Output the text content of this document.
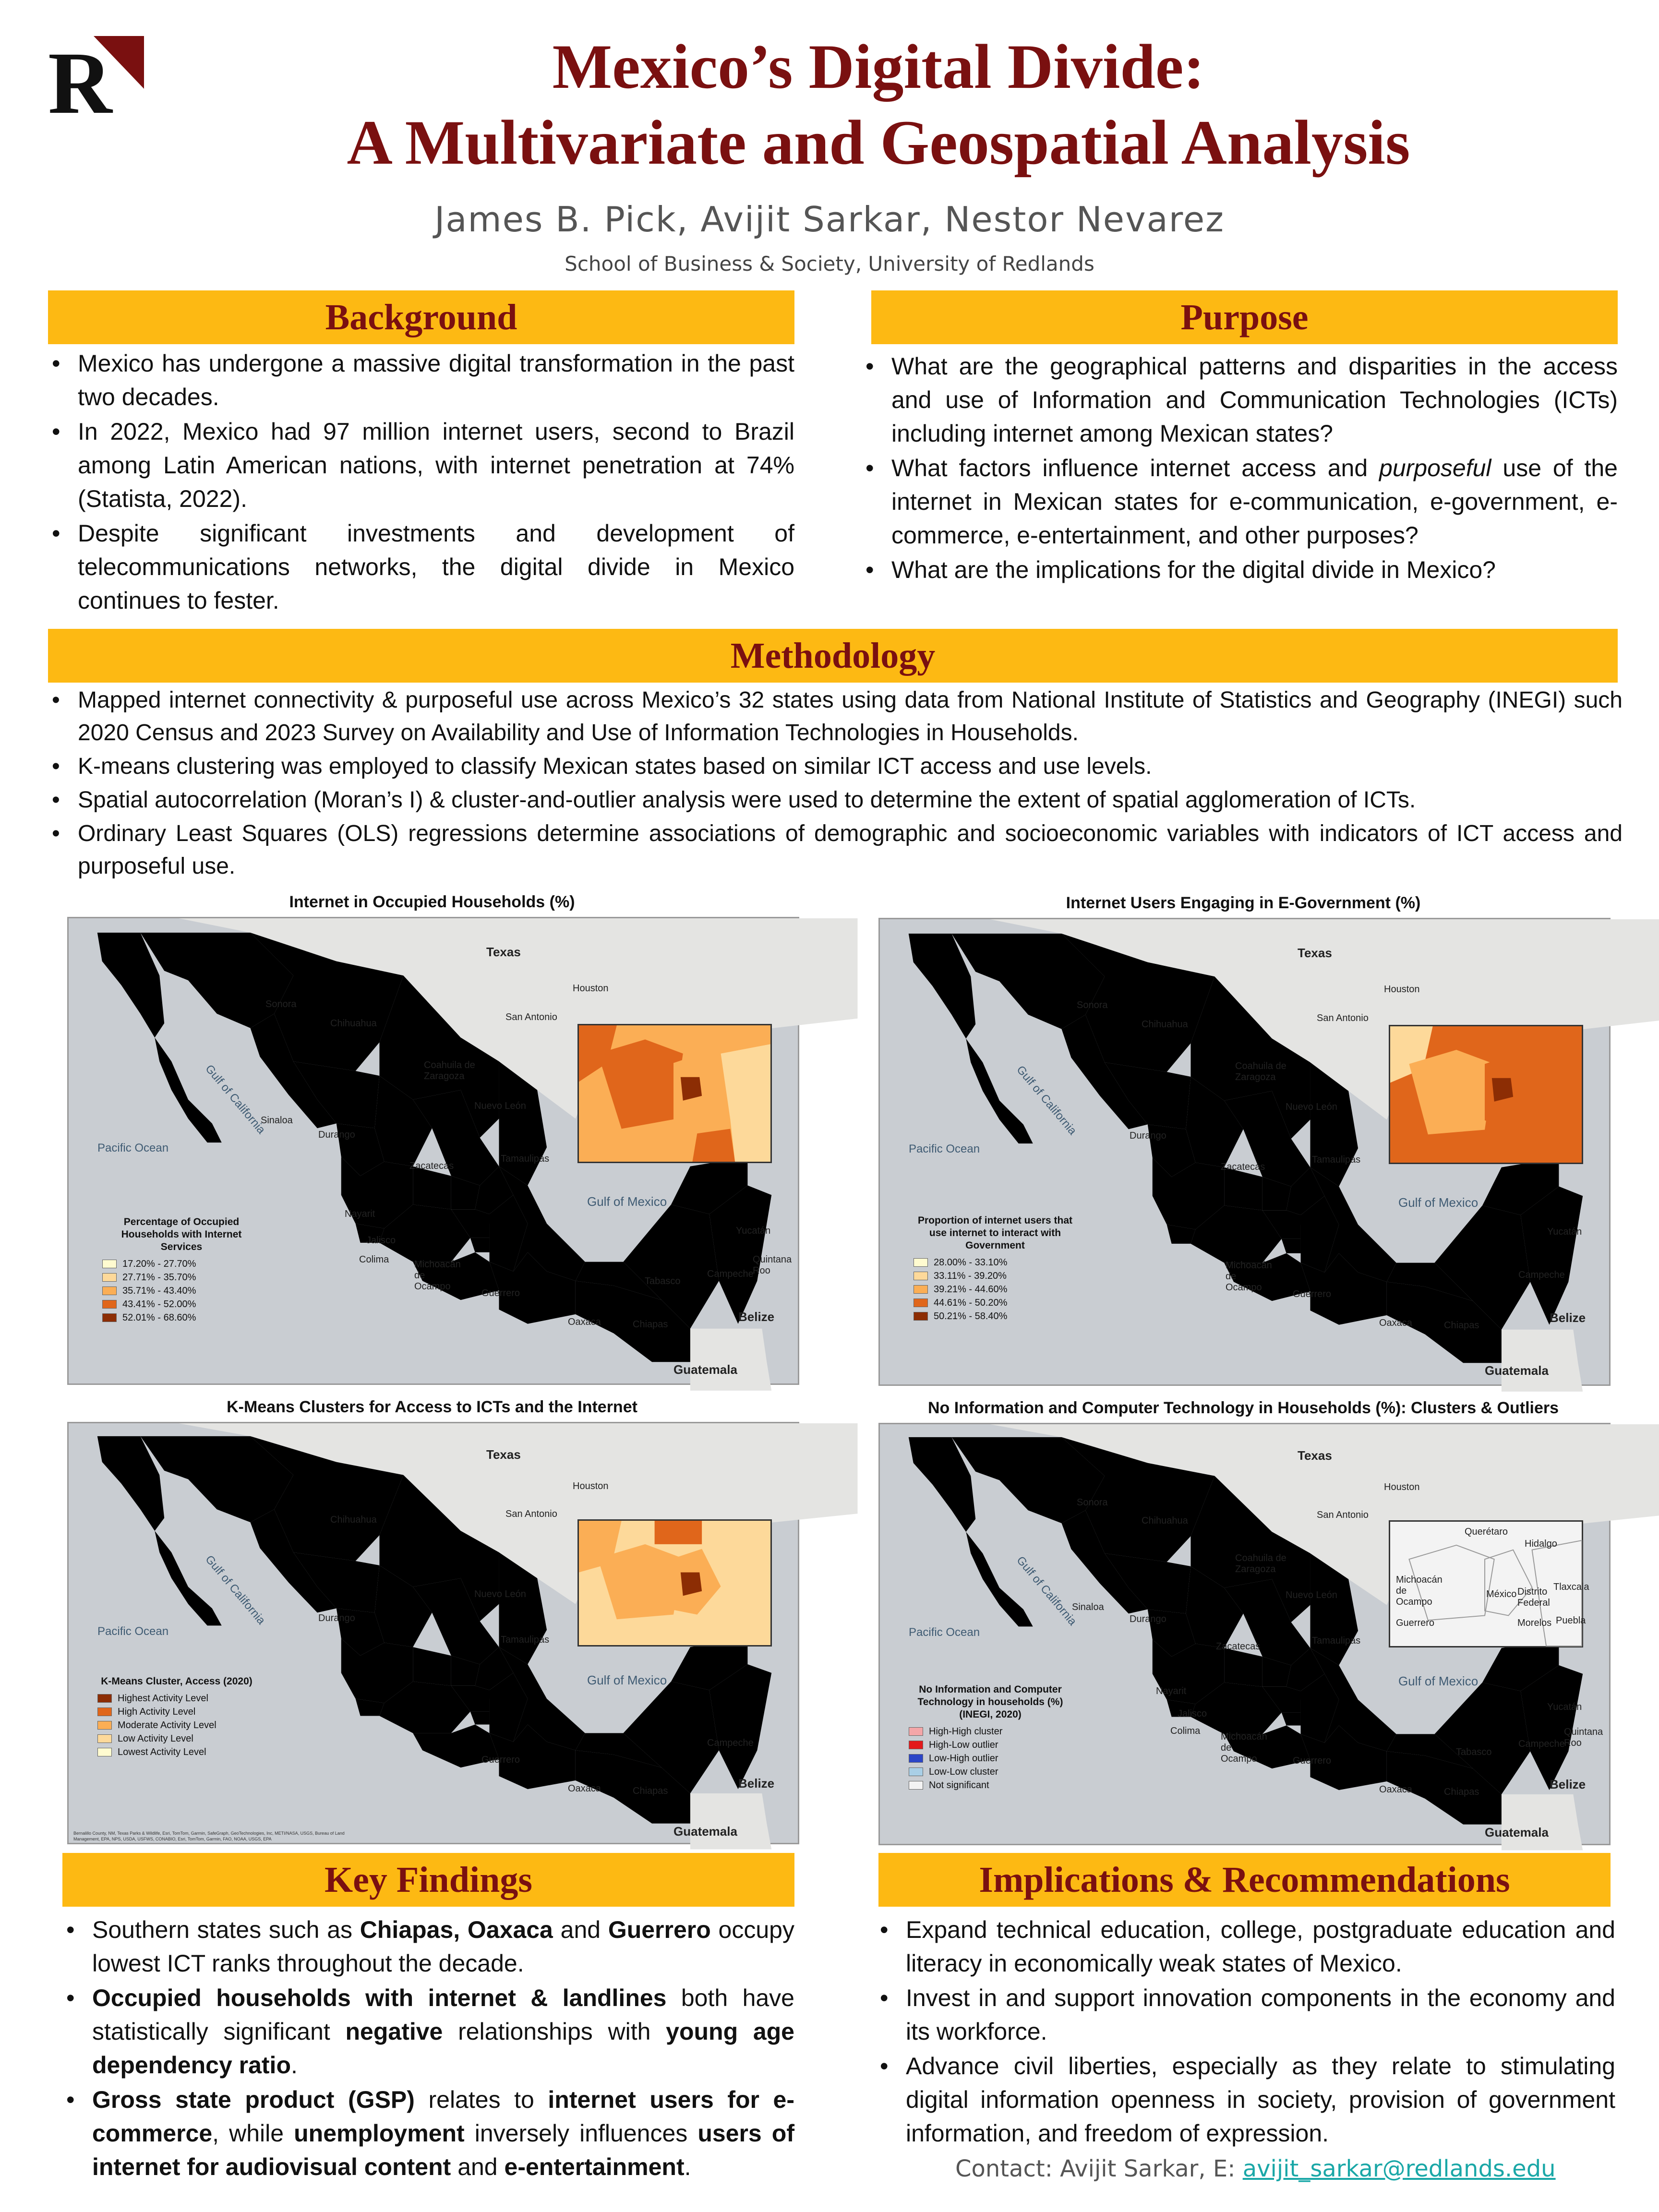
R	Mexico’s Digital Divide:
A Multivariate and Geospatial Analysis
James B. Pick, Avijit Sarkar, Nestor Nevarez
School of Business & Society, University of Redlands
Background
• Mexico has undergone a massive digital transformation in the past two decades.
• In 2022, Mexico had 97 million internet users, second to Brazil among Latin American nations, with internet penetration at 74% (Statista, 2022).
• Despite significant investments and development of telecommunications networks, the digital divide in Mexico continues to fester.
Purpose
• What are the geographical patterns and disparities in the access and use of Information and Communication Technologies (ICTs) including internet among Mexican states?
• What factors influence internet access and purposeful use of the internet in Mexican states for e-communication, e-government, e-commerce, e-entertainment, and other purposes?
• What are the implications for the digital divide in Mexico?
Methodology
• Mapped internet connectivity & purposeful use across Mexico’s 32 states using data from National Institute of Statistics and Geography (INEGI) such 2020 Census and 2023 Survey on Availability and Use of Information Technologies in Households.
• K-means clustering was employed to classify Mexican states based on similar ICT access and use levels.
• Spatial autocorrelation (Moran’s I) & cluster-and-outlier analysis were used to determine the extent of spatial agglomeration of ICTs.
• Ordinary Least Squares (OLS) regressions determine associations of demographic and socioeconomic variables with indicators of ICT access and purposeful use.
Internet in Occupied Households (%)
Texas
Houston
San Antonio
Pacific Ocean
Gulf of Mexico
Gulf of California
Belize
Guatemala
Sonora
Chihuahua
Coahuila de Zaragoza
Nuevo León
Tamaulipas
Durango
Sinaloa
Zacatecas
Nayarit
Jalisco
Colima	Michoacán de Ocampo
Guerrero
Oaxaca	Chiapas
Tabasco
Campeche
Yucatán
Quintana Roo
Percentage of Occupied Households with Internet Services
17.20% - 27.70%
27.71% - 35.70%
35.71% - 43.40%
43.41% - 52.00%
52.01% - 68.60%
Internet Users Engaging in E-Government (%)
Texas
Houston
San Antonio
Pacific Ocean
Gulf of Mexico
Gulf of California
Belize
Guatemala
Sonora
Chihuahua
Coahuila de Zaragoza
Nuevo León
Tamaulipas
Durango
Zacatecas
Michoacán de Ocampo
Guerrero
Oaxaca	Chiapas
Campeche
Yucatán
Proportion of internet users that use internet to interact with Government
28.00% - 33.10%
33.11% - 39.20%
39.21% - 44.60%
44.61% - 50.20%
50.21% - 58.40%
K-Means Clusters for Access to ICTs and the Internet
Texas
Houston
San Antonio
Pacific Ocean
Gulf of Mexico
Gulf of California
Belize
Guatemala
Chihuahua
Nuevo León
Tamaulipas
Durango
Guerrero
Oaxaca	Chiapas
Campeche
K-Means Cluster, Access (2020)
Highest Activity Level
High Activity Level
Moderate Activity Level
Low Activity Level
Lowest Activity Level
Bernalillo County, NM, Texas Parks & Wildlife, Esri, TomTom, Garmin, SafeGraph, GeoTechnologies, Inc, METI/NASA, USGS, Bureau of Land Management, EPA, NPS, USDA, USFWS, CONABIO, Esri, TomTom, Garmin, FAO, NOAA, USGS, EPA
No Information and Computer Technology in Households (%): Clusters & Outliers
Texas
Houston
San Antonio
Pacific Ocean
Gulf of Mexico
Gulf of California
Belize
Guatemala
Sonora
Chihuahua
Coahuila de Zaragoza
Nuevo León
Tamaulipas
Durango
Sinaloa
Zacatecas
Nayarit
Jalisco
Colima
Michoacán de Ocampo	Guerrero
Oaxaca	Chiapas
Tabasco
Campeche
Yucatán
Quintana Roo
Querétaro
Hidalgo
Michoacán de Ocampo
México Distrito Federal
Tlaxcala
Morelos Puebla
Guerrero
No Information and Computer Technology in households (%) (INEGI, 2020)
High-High cluster
High-Low outlier
Low-High outlier
Low-Low cluster
Not significant
Key Findings
• Southern states such as Chiapas, Oaxaca and Guerrero occupy lowest ICT ranks throughout the decade.
• Occupied households with internet & landlines both have statistically significant negative relationships with young age dependency ratio.
• Gross state product (GSP) relates to internet users for e-commerce, while unemployment inversely influences users of internet for audiovisual content and e-entertainment.
Implications & Recommendations
• Expand technical education, college, postgraduate education and literacy in economically weak states of Mexico.
• Invest in and support innovation components in the economy and its workforce.
• Advance civil liberties, especially as they relate to stimulating digital information openness in society, provision of government information, and freedom of expression.
Contact: Avijit Sarkar, E: avijit_sarkar@redlands.edu
